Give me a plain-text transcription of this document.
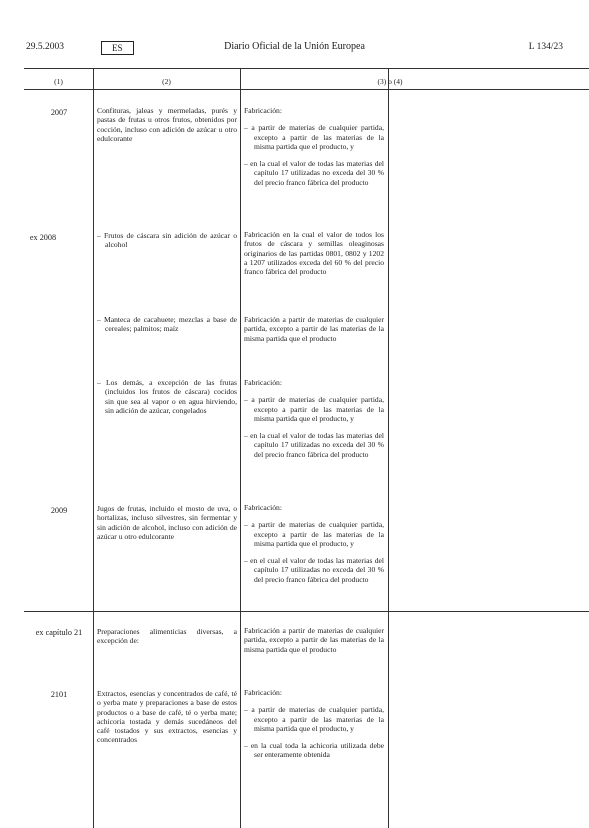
29.5.2003	ES	Diario Oficial de la Unión Europea	L 134/23
(1)	(2)	(3) o (4)
2007	Confituras, jaleas y mermeladas, purés y pastas de frutas u otros frutos, obtenidos por cocción, incluso con adición de azúcar u otro edulcorante

Fabricación:

– a partir de materias de cualquier partida, excepto a partir de las materias de la misma partida que el producto, y

– en la cual el valor de todas las materias del capítulo 17 utilizadas no exceda del 30 % del precio franco fábrica del producto

ex 2008
–	Frutos de cáscara sin adición de azúcar o alcohol

Fabricación en la cual el valor de todos los frutos de cáscara y semillas oleaginosas originarios de las partidas 0801, 0802 y 1202 a 1207 utilizados exceda del 60 % del precio franco fábrica del producto

– Manteca de cacahuete; mezclas a base de cereales; palmitos; maíz

Fabricación a partir de materias de cualquier partida, excepto a partir de las materias de la misma partida que el producto

– Los demás, a excepción de las frutas (incluidos los frutos de cáscara) cocidos sin que sea al vapor o en agua hirviendo, sin adición de azúcar, congelados

Fabricación:

– a partir de materias de cualquier partida, excepto a partir de las materias de la misma partida que el producto, y

– en la cual el valor de todas las materias del capítulo 17 utilizadas no exceda del 30 % del precio franco fábrica del producto

2009	Jugos de frutas, incluido el mosto de uva, o hortalizas, incluso silvestres, sin fermentar y sin adición de alcohol, incluso con adición de azúcar u otro edulcorante

Fabricación:

– a partir de materias de cualquier partida, excepto a partir de las materias de la misma partida que el producto, y

– en el cual el valor de todas las materias del capítulo 17 utilizadas no exceda del 30 % del precio franco fábrica del producto

ex capítulo 21	Preparaciones alimenticias diversas, a excepción de:

Fabricación a partir de materias de cualquier partida, excepto a partir de las materias de la misma partida que el producto

2101	Extractos, esencias y concentrados de café, té o yerba mate y preparaciones a base de estos productos o a base de café, té o yerba mate; achicoria tostada y demás sucedáneos del café tostados y sus extractos, esencias y concentrados

Fabricación:

– a partir de materias de cualquier partida, excepto a partir de las materias de la misma partida que el producto, y

– en la cual toda la achicoria utilizada debe ser enteramente obtenida
